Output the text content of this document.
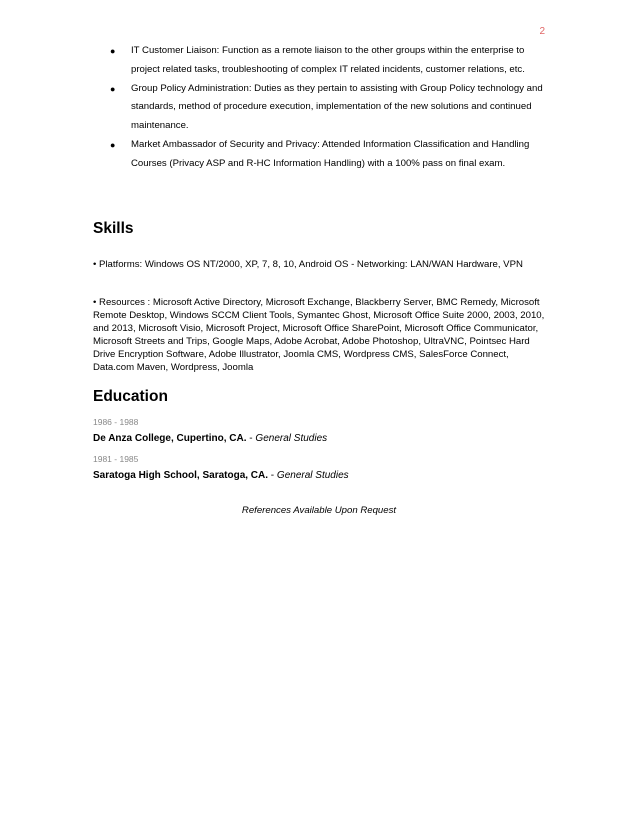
2
● IT Customer Liaison: Function as a remote liaison to the other groups within the enterprise to project related tasks, troubleshooting of complex IT related incidents, customer relations, etc.
● Group Policy Administration: Duties as they pertain to assisting with Group Policy technology and standards, method of procedure execution, implementation of the new solutions and continued maintenance.
● Market Ambassador of Security and Privacy: Attended Information Classification and Handling Courses (Privacy ASP and R-HC Information Handling) with a 100% pass on final exam.
Skills

• Platforms: Windows OS NT/2000, XP, 7, 8, 10, Android OS - Networking: LAN/WAN Hardware, VPN

• Resources : Microsoft Active Directory, Microsoft Exchange, Blackberry Server, BMC Remedy, Microsoft Remote Desktop, Windows SCCM Client Tools, Symantec Ghost, Microsoft Office Suite 2000, 2003, 2010, and 2013, Microsoft Visio, Microsoft Project, Microsoft Office SharePoint, Microsoft Office Communicator, Microsoft Streets and Trips, Google Maps, Adobe Acrobat, Adobe Photoshop, UltraVNC, Pointsec Hard Drive Encryption Software, Adobe Illustrator, Joomla CMS, Wordpress CMS, SalesForce Connect, Data.com Maven, Wordpress, Joomla

Education
1986 - 1988
De Anza College, Cupertino, CA. - General Studies
1981 - 1985
Saratoga High School, Saratoga, CA. - General Studies
References Available Upon Request
